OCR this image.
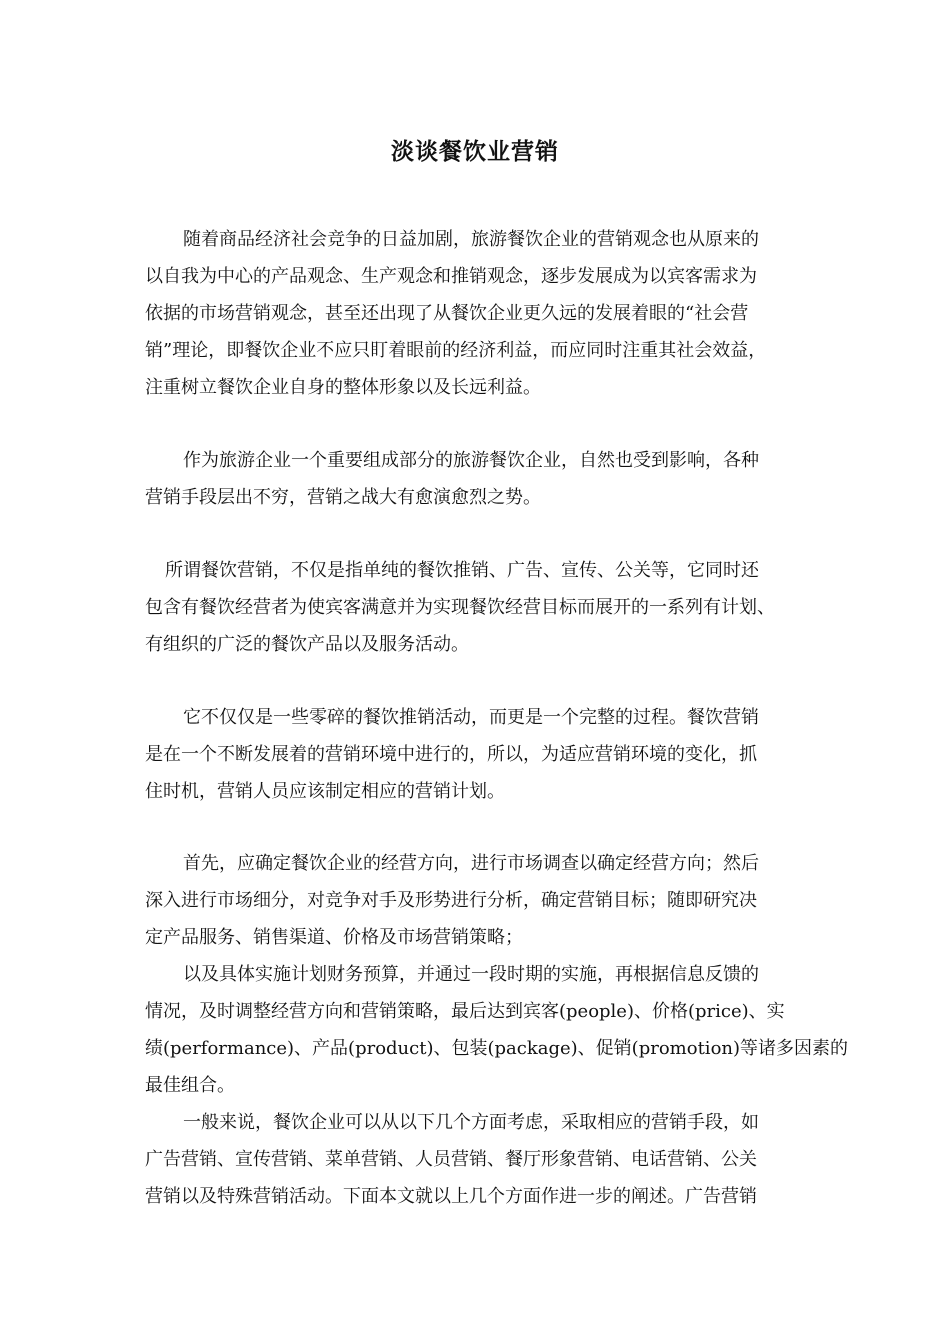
淡谈餐饮业营销
随着商品经济社会竞争的日益加剧，旅游餐饮企业的营销观念也从原来的
以自我为中心的产品观念、生产观念和推销观念，逐步发展成为以宾客需求为
依据的市场营销观念，甚至还出现了从餐饮企业更久远的发展着眼的“社会营
销”理论，即餐饮企业不应只盯着眼前的经济利益，而应同时注重其社会效益，
注重树立餐饮企业自身的整体形象以及长远利益。
作为旅游企业一个重要组成部分的旅游餐饮企业，自然也受到影响，各种
营销手段层出不穷，营销之战大有愈演愈烈之势。
所谓餐饮营销，不仅是指单纯的餐饮推销、广告、宣传、公关等，它同时还
包含有餐饮经营者为使宾客满意并为实现餐饮经营目标而展开的一系列有计划、
有组织的广泛的餐饮产品以及服务活动。
它不仅仅是一些零碎的餐饮推销活动，而更是一个完整的过程。餐饮营销
是在一个不断发展着的营销环境中进行的，所以，为适应营销环境的变化，抓
住时机，营销人员应该制定相应的营销计划。
首先，应确定餐饮企业的经营方向，进行市场调查以确定经营方向；然后
深入进行市场细分，对竞争对手及形势进行分析，确定营销目标；随即研究决
定产品服务、销售渠道、价格及市场营销策略；
以及具体实施计划财务预算，并通过一段时期的实施，再根据信息反馈的
情况，及时调整经营方向和营销策略，最后达到宾客(people)、价格(price)、实
绩(performance)、产品(product)、包装(package)、促销(promotion)等诸多因素的
最佳组合。
一般来说，餐饮企业可以从以下几个方面考虑，采取相应的营销手段，如
广告营销、宣传营销、菜单营销、人员营销、餐厅形象营销、电话营销、公关
营销以及特殊营销活动。下面本文就以上几个方面作进一步的阐述。广告营销
